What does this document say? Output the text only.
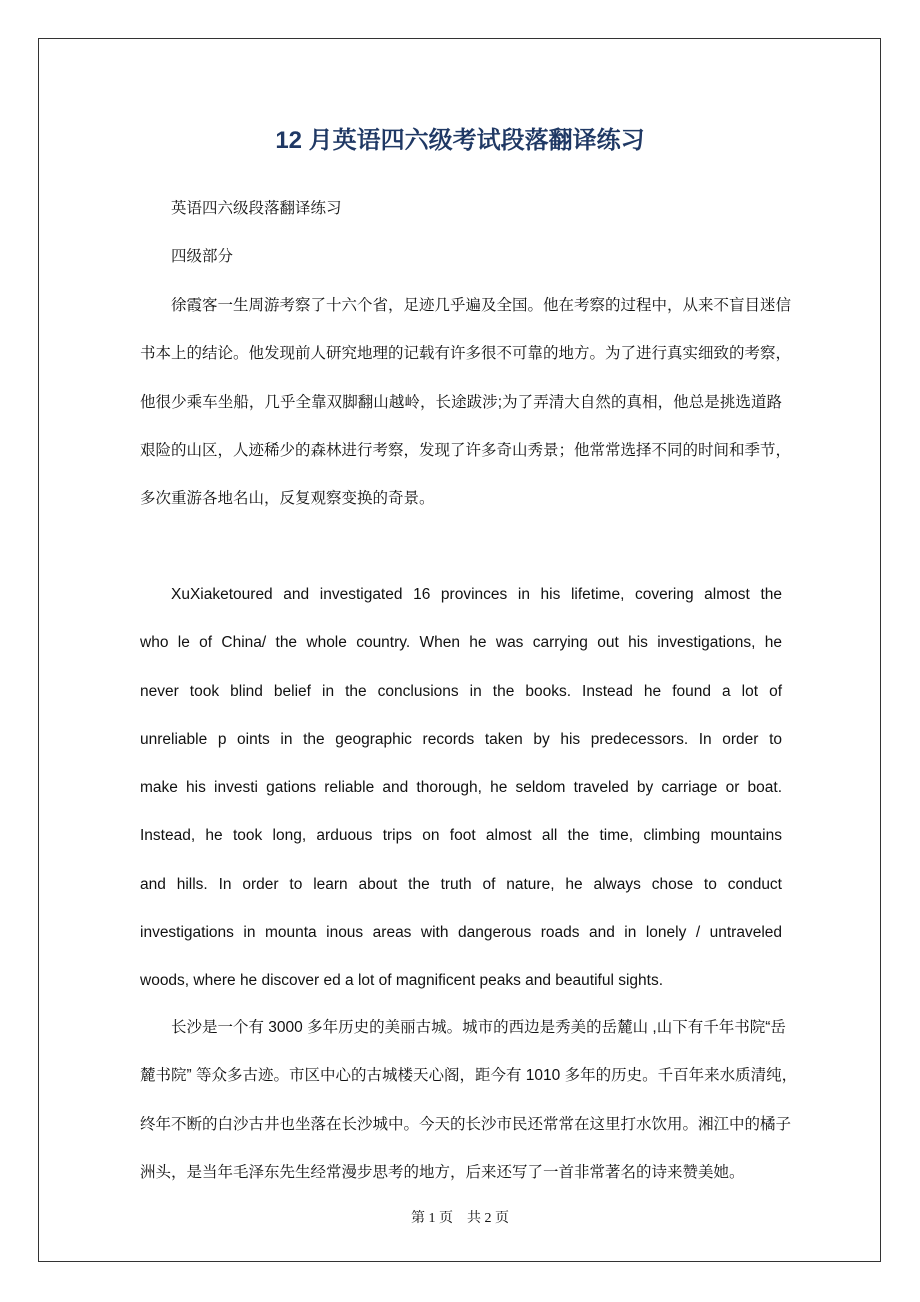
12 月英语四六级考试段落翻译练习
英语四六级段落翻译练习
四级部分
徐霞客一生周游考察了十六个省，足迹几乎遍及全国。他在考察的过程中，从来不盲目迷信
书本上的结论。他发现前人研究地理的记载有许多很不可靠的地方。为了进行真实细致的考察，
他很少乘车坐船，几乎全靠双脚翻山越岭，长途跋涉;为了弄清大自然的真相，他总是挑选道路
艰险的山区，人迹稀少的森林进行考察，发现了许多奇山秀景；他常常选择不同的时间和季节，
多次重游各地名山，反复观察变换的奇景。
XuXiaketoured and investigated 16 provinces in his lifetime, covering almost the
who le of China/ the whole country. When he was carrying out his investigations, he
never took blind belief in the conclusions in the books. Instead he found a lot of
unreliable p oints in the geographic records taken by his predecessors. In order to
make his investi gations reliable and thorough, he seldom traveled by carriage or boat.
Instead, he took long, arduous trips on foot almost all the time, climbing mountains
and hills. In order to learn about the truth of nature, he always chose to conduct
investigations in mounta inous areas with dangerous roads and in lonely / untraveled
woods, where he discover ed a lot of magnificent peaks and beautiful sights.
长沙是一个有 3000 多年历史的美丽古城。城市的西边是秀美的岳麓山 ,山下有千年书院“岳
麓书院” 等众多古迹。市区中心的古城楼天心阁，距今有 1010 多年的历史。千百年来水质清纯，
终年不断的白沙古井也坐落在长沙城中。今天的长沙市民还常常在这里打水饮用。湘江中的橘子
洲头，是当年毛泽东先生经常漫步思考的地方，后来还写了一首非常著名的诗来赞美她。
第 1 页　共 2 页
